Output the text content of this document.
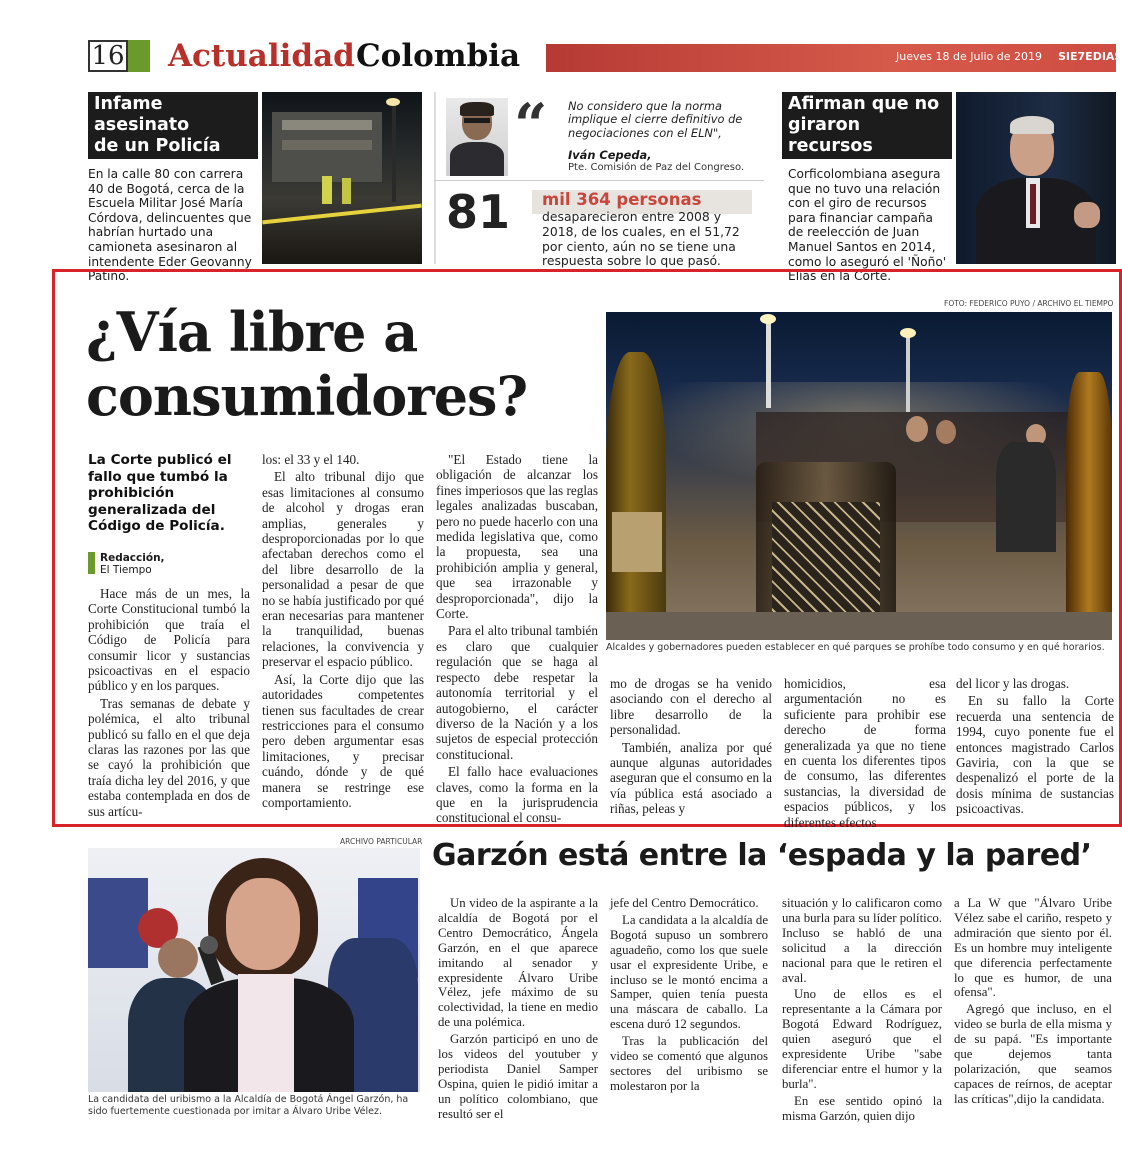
16 Actualidad Colombia	Jueves 18 de Julio de 2019 SIE7EDIAS
Infame asesinato
de un Policía
En la calle 80 con carrera 40 de Bogotá, cerca de la Escuela Militar José María Córdova, delincuentes que habrían hurtado una camioneta asesinaron al intendente Eder Geovanny Patiño.
“ No considero que la norma implique el cierre definitivo de negociaciones con el ELN",
Iván Cepeda,
Pte. Comisión de Paz del Congreso.
81 mil 364 personas
desaparecieron entre 2008 y 2018, de los cuales, en el 51,72 por ciento, aún no se tiene una respuesta sobre lo que pasó.
Afirman que no
giraron recursos
Corficolombiana asegura que no tuvo una relación con el giro de recursos para financiar campaña de reelección de Juan Manuel Santos en 2014, como lo aseguró el 'Ñoño' Elías en la Corte.
FOTO: FEDERICO PUYO / ARCHIVO EL TIEMPO
¿Vía libre a
consumidores?
La Corte publicó el fallo que tumbó la prohibición generalizada del Código de Policía.
Redacción,
El Tiempo
Alcaldes y gobernadores pueden establecer en qué parques se prohíbe todo consumo y en qué horarios.

Hace más de un mes, la Corte Constitucional tumbó la prohibición que traía el Código de Policía para consumir licor y sustancias psicoactivas en el espacio público y en los parques.

Tras semanas de debate y polémica, el alto tribunal publicó su fallo en el que deja claras las razones por las que se cayó la prohibición que traía dicha ley del 2016, y que estaba contemplada en dos de sus artícu-

los: el 33 y el 140.

El alto tribunal dijo que esas limitaciones al consumo de alcohol y drogas eran amplias, generales y desproporcionadas por lo que afectaban derechos como el del libre desarrollo de la personalidad a pesar de que no se había justificado por qué eran necesarias para mantener la tranquilidad, buenas relaciones, la convivencia y preservar el espacio público.

Así, la Corte dijo que las autoridades competentes tienen sus facultades de crear restricciones para el consumo pero deben argumentar esas limitaciones, y precisar cuándo, dónde y de qué manera se restringe ese comportamiento.

"El Estado tiene la obligación de alcanzar los fines imperiosos que las reglas legales analizadas buscaban, pero no puede hacerlo con una medida legislativa que, como la propuesta, sea una prohibición amplia y general, que sea irrazonable y desproporcionada", dijo la Corte.

Para el alto tribunal también es claro que cualquier regulación que se haga al respecto debe respetar la autonomía territorial y el autogobierno, el carácter diverso de la Nación y a los sujetos de especial protección constitucional.

El fallo hace evaluaciones claves, como la forma en la que en la jurisprudencia constitucional el consu-

mo de drogas se ha venido asociando con el derecho al libre desarrollo de la personalidad.

También, analiza por qué aunque algunas autoridades aseguran que el consumo en la vía pública está asociado a riñas, peleas y

homicidios, esa argumentación no es suficiente para prohibir ese derecho de forma generalizada ya que no tiene en cuenta los diferentes tipos de consumo, las diferentes sustancias, la diversidad de espacios públicos, y los diferentes efectos

del licor y las drogas.

En su fallo la Corte recuerda una sentencia de 1994, cuyo ponente fue el entonces magistrado Carlos Gaviria, con la que se despenalizó el porte de la dosis mínima de sustancias psicoactivas.

ARCHIVO PARTICULAR
La candidata del uribismo a la Alcaldía de Bogotá Ángel Garzón, ha sido fuertemente cuestionada por imitar a Álvaro Uribe Vélez.
Garzón está entre la ‘espada y la pared’

Un video de la aspirante a la alcaldía de Bogotá por el Centro Democrático, Ángela Garzón, en el que aparece imitando al senador y expresidente Álvaro Uribe Vélez, jefe máximo de su colectividad, la tiene en medio de una polémica.

Garzón participó en uno de los videos del youtuber y periodista Daniel Samper Ospina, quien le pidió imitar a un político colombiano, que resultó ser el

jefe del Centro Democrático.

La candidata a la alcaldía de Bogotá supuso un sombrero aguadeño, como los que suele usar el expresidente Uribe, e incluso se le montó encima a Samper, quien tenía puesta una máscara de caballo. La escena duró 12 segundos.

Tras la publicación del video se comentó que algunos sectores del uribismo se molestaron por la

situación y lo calificaron como una burla para su líder político. Incluso se habló de una solicitud a la dirección nacional para que le retiren el aval.

Uno de ellos es el representante a la Cámara por Bogotá Edward Rodríguez, quien aseguró que el expresidente Uribe "sabe diferenciar entre el humor y la burla".

En ese sentido opinó la misma Garzón, quien dijo

a La W que "Álvaro Uribe Vélez sabe el cariño, respeto y admiración que siento por él. Es un hombre muy inteligente que diferencia perfectamente lo que es humor, de una ofensa".

Agregó que incluso, en el video se burla de ella misma y de su papá. "Es importante que dejemos tanta polarización, que seamos capaces de reírnos, de aceptar las críticas",dijo la candidata.
